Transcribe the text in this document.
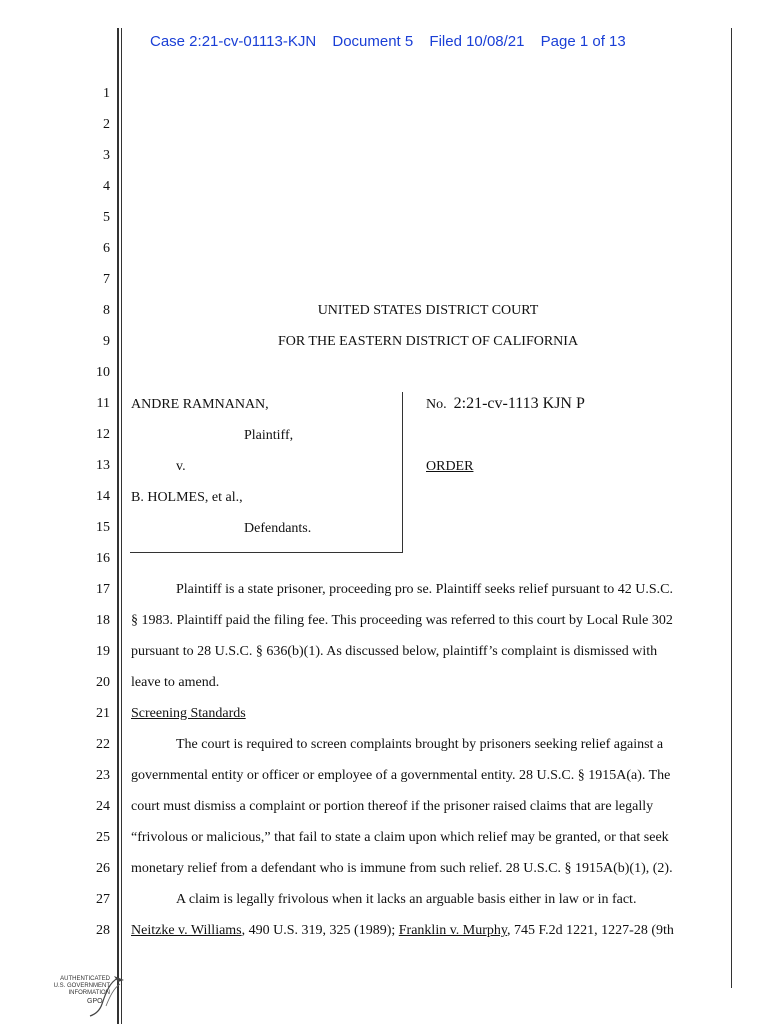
Case 2:21-cv-01113-KJN Document 5 Filed 10/08/21 Page 1 of 13
1
2
3
4
5
6
7
8
9
10
11
12
13
14
15
16
17
18
19
20
21
22
23
24
25
26
27
28
UNITED STATES DISTRICT COURT
FOR THE EASTERN DISTRICT OF CALIFORNIA
ANDRE RAMNANAN,
Plaintiff,
v.
B. HOLMES, et al.,
Defendants.
No. 2:21-cv-1113 KJN P
ORDER
Plaintiff is a state prisoner, proceeding pro se. Plaintiff seeks relief pursuant to 42 U.S.C.
§ 1983. Plaintiff paid the filing fee. This proceeding was referred to this court by Local Rule 302
pursuant to 28 U.S.C. § 636(b)(1). As discussed below, plaintiff’s complaint is dismissed with
leave to amend.
Screening Standards
The court is required to screen complaints brought by prisoners seeking relief against a
governmental entity or officer or employee of a governmental entity. 28 U.S.C. § 1915A(a). The
court must dismiss a complaint or portion thereof if the prisoner raised claims that are legally
“frivolous or malicious,” that fail to state a claim upon which relief may be granted, or that seek
monetary relief from a defendant who is immune from such relief. 28 U.S.C. § 1915A(b)(1), (2).
A claim is legally frivolous when it lacks an arguable basis either in law or in fact.
Neitzke v. Williams, 490 U.S. 319, 325 (1989); Franklin v. Murphy, 745 F.2d 1221, 1227-28 (9th
AUTHENTICATED
U.S. GOVERNMENT
INFORMATION
GPO
